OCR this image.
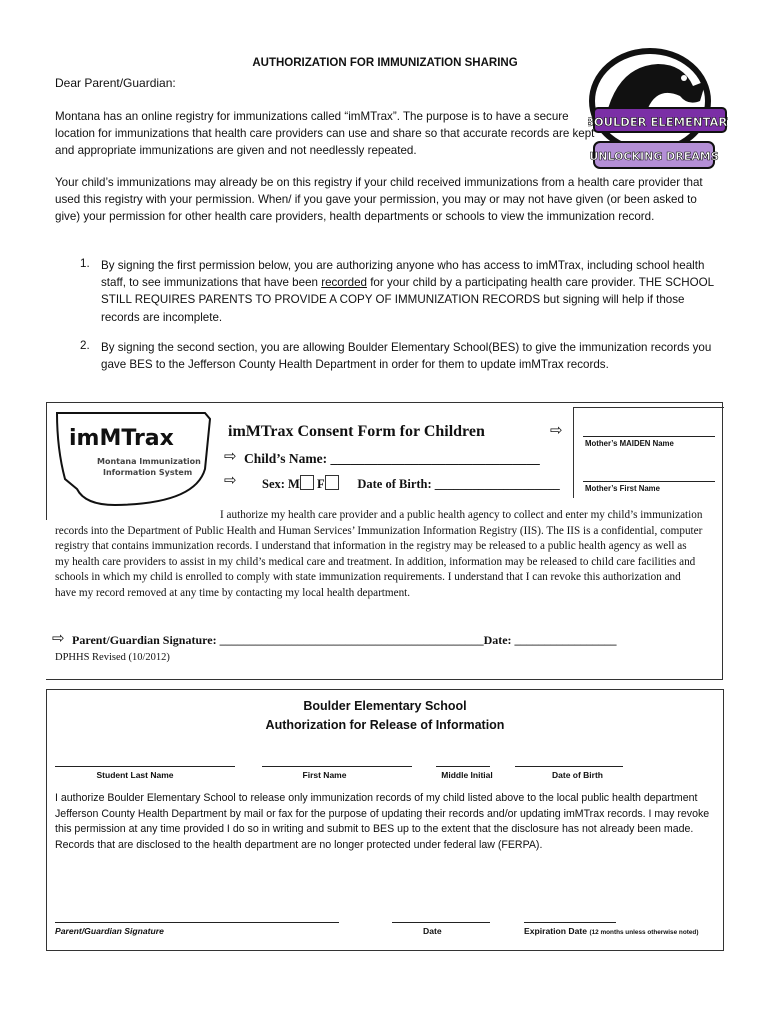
AUTHORIZATION FOR IMMUNIZATION SHARING
Dear Parent/Guardian:
BOULDER ELEMENTARY
UNLOCKING DREAMS
Montana has an online registry for immunizations called “imMTrax”. The purpose is to have a secure location for immunizations that health care providers can use and share so that accurate records are kept and appropriate immunizations are given and not needlessly repeated.
Your child’s immunizations may already be on this registry if your child received immunizations from a health care provider that used this registry with your permission. When/ if you gave your permission, you may or may not have given (or been asked to give) your permission for other health care providers, health departments or schools to view the immunization record.
1. By signing the first permission below, you are authorizing anyone who has access to imMTrax, including school health staff, to see immunizations that have been recorded for your child by a participating health care provider. THE SCHOOL STILL REQUIRES PARENTS TO PROVIDE A COPY OF IMMUNIZATION RECORDS but signing will help if those records are incomplete.
2. By signing the second section, you are allowing Boulder Elementary School(BES) to give the immunization records you gave BES to the Jefferson County Health Department in order for them to update imMTrax records.
imMTrax
Montana Immunization
Information System
imMTrax Consent Form for Children	⇨
⇨
⇨
⇨
Child’s Name: _______________________________
Sex: M F	Date of Birth: ____________________
Mother’s MAIDEN Name
Mother’s First Name
I authorize my health care provider and a public health agency to collect and enter my child’s immunization records into the Department of Public Health and Human Services’ Immunization Information Registry (IIS). The IIS is a confidential, computer registry that contains immunization records. I understand that information in the registry may be released to a public health agency as well as my health care providers to assist in my child’s medical care and treatment. In addition, information may be released to child care facilities and schools in which my child is enrolled to comply with state immunization requirements. I understand that I can revoke this authorization and have my record removed at any time by contacting my local health department.
Parent/Guardian Signature: ____________________________________________Date: _________________
DPHHS Revised (10/2012)
Boulder Elementary School
Authorization for Release of Information
Student Last Name	First Name	Middle Initial	Date of Birth
I authorize Boulder Elementary School to release only immunization records of my child listed above to the local public health department Jefferson County Health Department by mail or fax for the purpose of updating their records and/or updating imMTrax records. I may revoke this permission at any time provided I do so in writing and submit to BES up to the extent that the disclosure has not already been made. Records that are disclosed to the health department are no longer protected under federal law (FERPA).
Parent/Guardian Signature	Date	Expiration Date (12 months unless otherwise noted)
